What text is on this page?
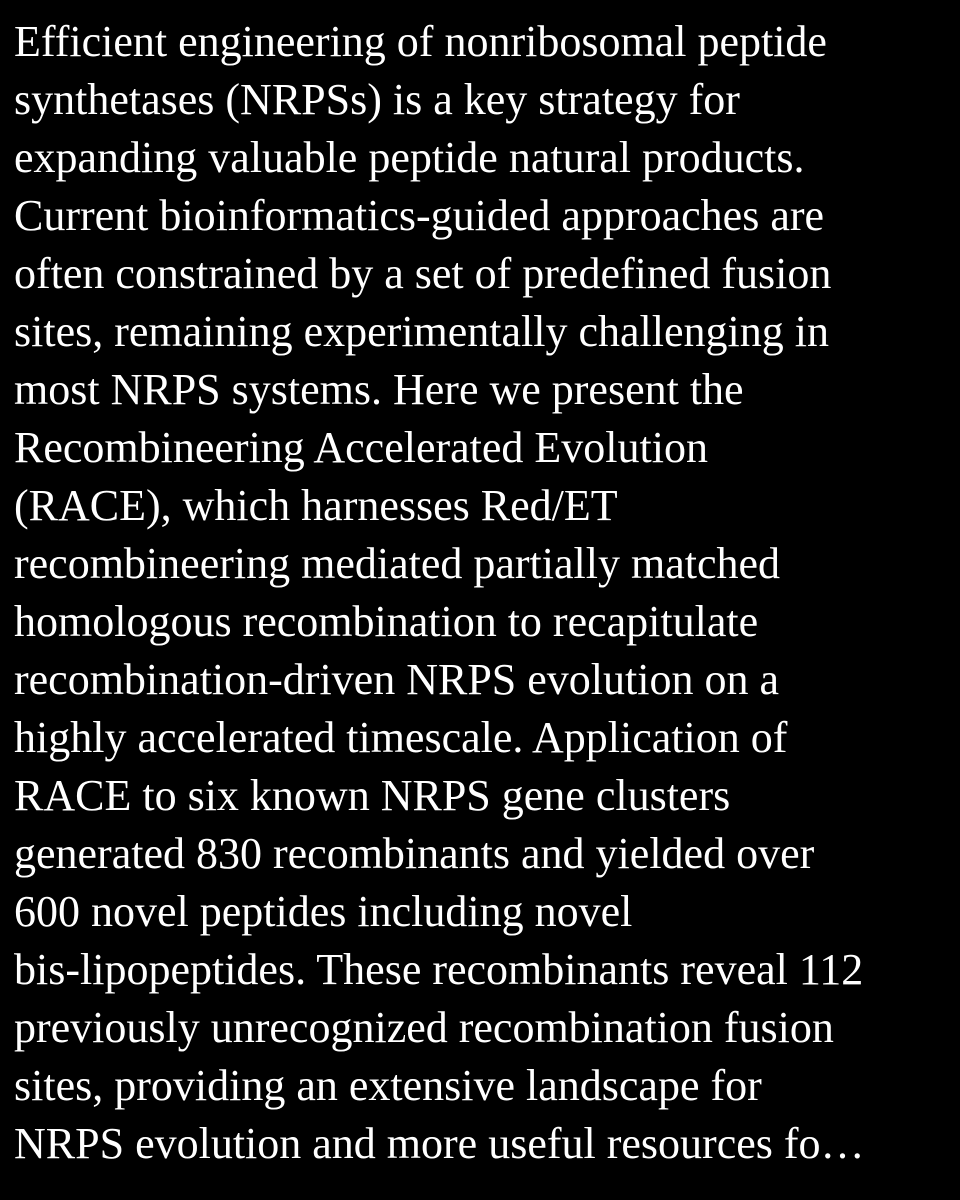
Efficient engineering of nonribosomal peptide
synthetases (NRPSs) is a key strategy for
expanding valuable peptide natural products.
Current bioinformatics-guided approaches are
often constrained by a set of predefined fusion
sites, remaining experimentally challenging in
most NRPS systems. Here we present the
Recombineering Accelerated Evolution
(RACE), which harnesses Red/ET
recombineering mediated partially matched
homologous recombination to recapitulate
recombination-driven NRPS evolution on a
highly accelerated timescale. Application of
RACE to six known NRPS gene clusters
generated 830 recombinants and yielded over
600 novel peptides including novel
bis-lipopeptides. These recombinants reveal 112
previously unrecognized recombination fusion
sites, providing an extensive landscape for
NRPS evolution and more useful resources fo…
